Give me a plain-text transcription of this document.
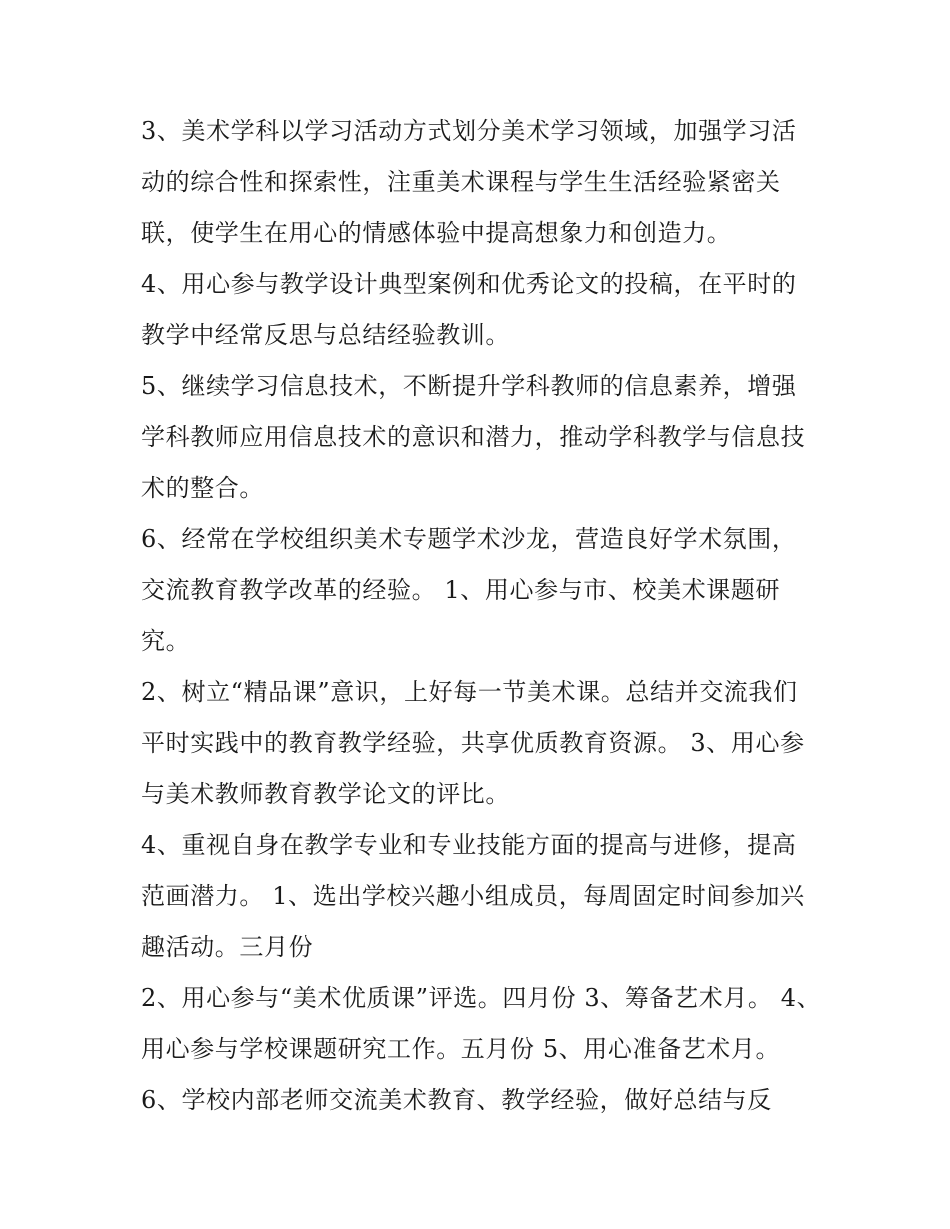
3、美术学科以学习活动方式划分美术学习领域，加强学习活
动的综合性和探索性，注重美术课程与学生生活经验紧密关
联，使学生在用心的情感体验中提高想象力和创造力。
4、用心参与教学设计典型案例和优秀论文的投稿，在平时的
教学中经常反思与总结经验教训。
5、继续学习信息技术，不断提升学科教师的信息素养，增强
学科教师应用信息技术的意识和潜力，推动学科教学与信息技
术的整合。
6、经常在学校组织美术专题学术沙龙，营造良好学术氛围，
交流教育教学改革的经验。 1、用心参与市、校美术课题研
究。
2、树立“精品课”意识，上好每一节美术课。总结并交流我们
平时实践中的教育教学经验，共享优质教育资源。 3、用心参
与美术教师教育教学论文的评比。
4、重视自身在教学专业和专业技能方面的提高与进修，提高
范画潜力。 1、选出学校兴趣小组成员，每周固定时间参加兴
趣活动。三月份
2、用心参与“美术优质课”评选。四月份 3、筹备艺术月。 4、
用心参与学校课题研究工作。五月份 5、用心准备艺术月。
6、学校内部老师交流美术教育、教学经验，做好总结与反
